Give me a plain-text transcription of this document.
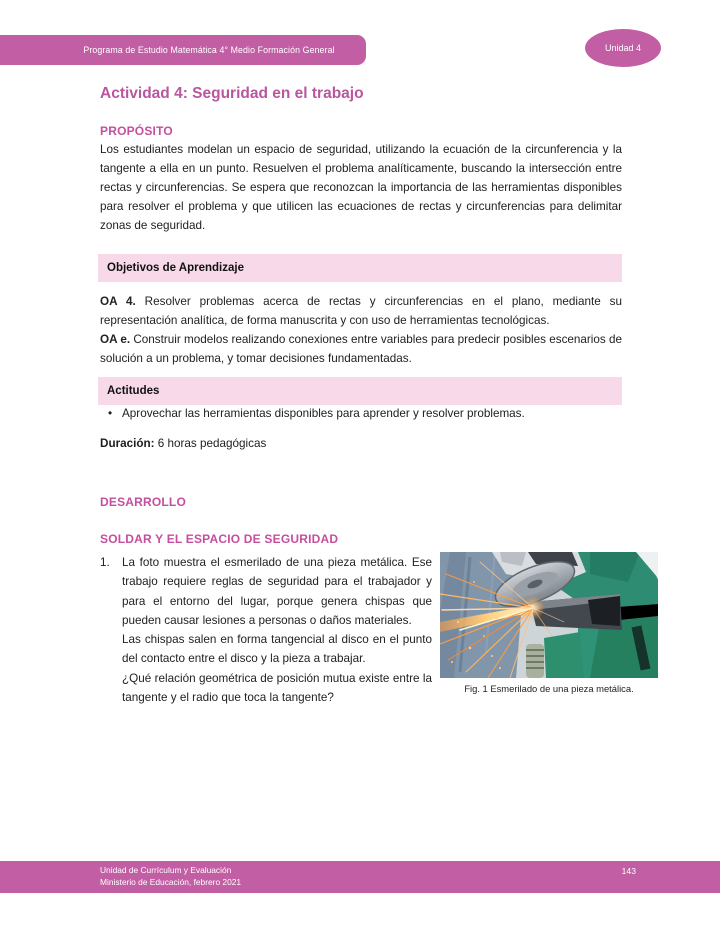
Programa de Estudio Matemática 4° Medio Formación General	Unidad 4
Actividad 4: Seguridad en el trabajo
PROPÓSITO
Los estudiantes modelan un espacio de seguridad, utilizando la ecuación de la circunferencia y la tangente a ella en un punto. Resuelven el problema analíticamente, buscando la intersección entre rectas y circunferencias. Se espera que reconozcan la importancia de las herramientas disponibles para resolver el problema y que utilicen las ecuaciones de rectas y circunferencias para delimitar zonas de seguridad.
Objetivos de Aprendizaje
OA 4. Resolver problemas acerca de rectas y circunferencias en el plano, mediante su representación analítica, de forma manuscrita y con uso de herramientas tecnológicas.
OA e. Construir modelos realizando conexiones entre variables para predecir posibles escenarios de solución a un problema, y tomar decisiones fundamentadas.
Actitudes
• Aprovechar las herramientas disponibles para aprender y resolver problemas.
Duración: 6 horas pedagógicas
DESARROLLO
SOLDAR Y EL ESPACIO DE SEGURIDAD
1.	La foto muestra el esmerilado de una pieza metálica. Ese trabajo requiere reglas de seguridad para el trabajador y para el entorno del lugar, porque genera chispas que pueden causar lesiones a personas o daños materiales.
Las chispas salen en forma tangencial al disco en el punto del contacto entre el disco y la pieza a trabajar.
¿Qué relación geométrica de posición mutua existe entre la tangente y el radio que toca la tangente?
Fig. 1 Esmerilado de una pieza metálica.
Unidad de Currículum y Evaluación
Ministerio de Educación, febrero 2021
143
